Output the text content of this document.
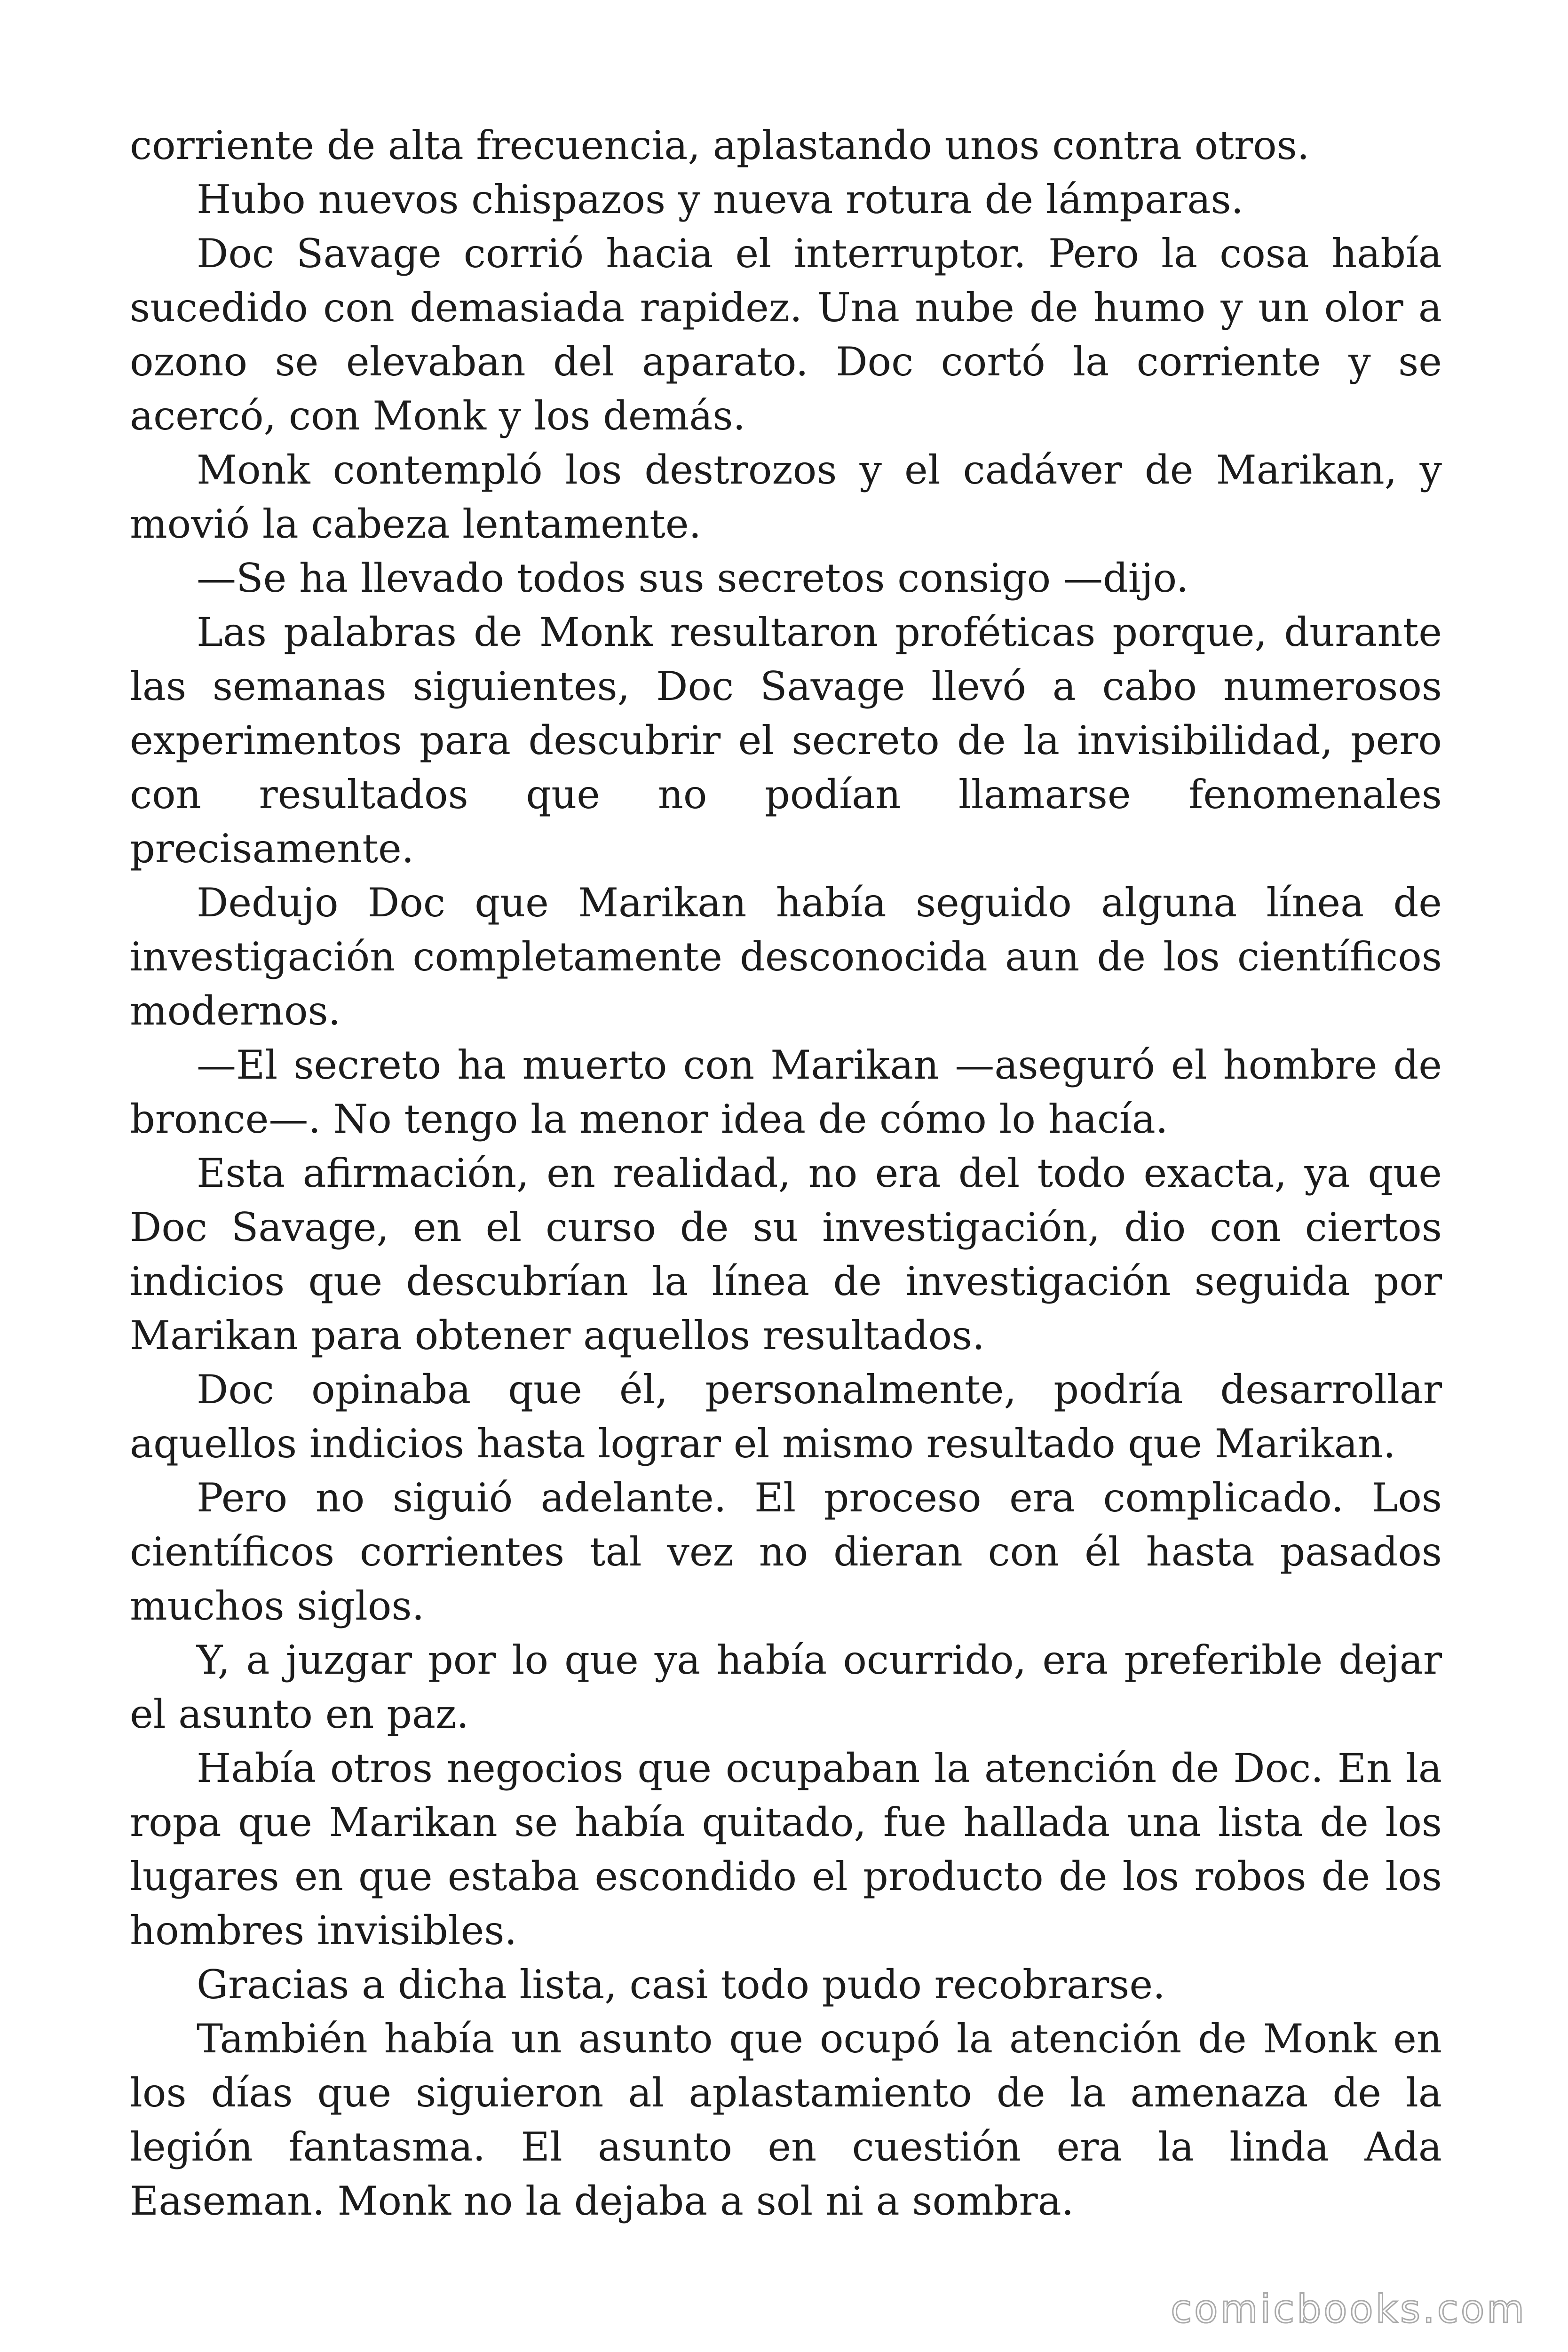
corriente de alta frecuencia, aplastando unos contra otros.

Hubo nuevos chispazos y nueva rotura de lámparas.

Doc Savage corrió hacia el interruptor. Pero la cosa había sucedido con demasiada rapidez. Una nube de humo y un olor a ozono se elevaban del aparato. Doc cortó la corriente y se acercó, con Monk y los demás.

Monk contempló los destrozos y el cadáver de Marikan, y movió la cabeza lentamente.

—Se ha llevado todos sus secretos consigo —dijo.

Las palabras de Monk resultaron proféticas porque, durante las semanas siguientes, Doc Savage llevó a cabo numerosos experimentos para descubrir el secreto de la invisibilidad, pero con resultados que no podían llamarse fenomenales precisamente.

Dedujo Doc que Marikan había seguido alguna línea de investigación completamente desconocida aun de los científicos modernos.

—El secreto ha muerto con Marikan —aseguró el hombre de bronce—. No tengo la menor idea de cómo lo hacía.

Esta afirmación, en realidad, no era del todo exacta, ya que Doc Savage, en el curso de su investigación, dio con ciertos indicios que descubrían la línea de investigación seguida por Marikan para obtener aquellos resultados.

Doc opinaba que él, personalmente, podría desarrollar aquellos indicios hasta lograr el mismo resultado que Marikan.

Pero no siguió adelante. El proceso era complicado. Los científicos corrientes tal vez no dieran con él hasta pasados muchos siglos.

Y, a juzgar por lo que ya había ocurrido, era preferible dejar el asunto en paz.

Había otros negocios que ocupaban la atención de Doc. En la ropa que Marikan se había quitado, fue hallada una lista de los lugares en que estaba escondido el producto de los robos de los hombres invisibles.

Gracias a dicha lista, casi todo pudo recobrarse.

También había un asunto que ocupó la atención de Monk en los días que siguieron al aplastamiento de la amenaza de la legión fantasma. El asunto en cuestión era la linda Ada Easeman. Monk no la dejaba a sol ni a sombra.

comicbooks.com
